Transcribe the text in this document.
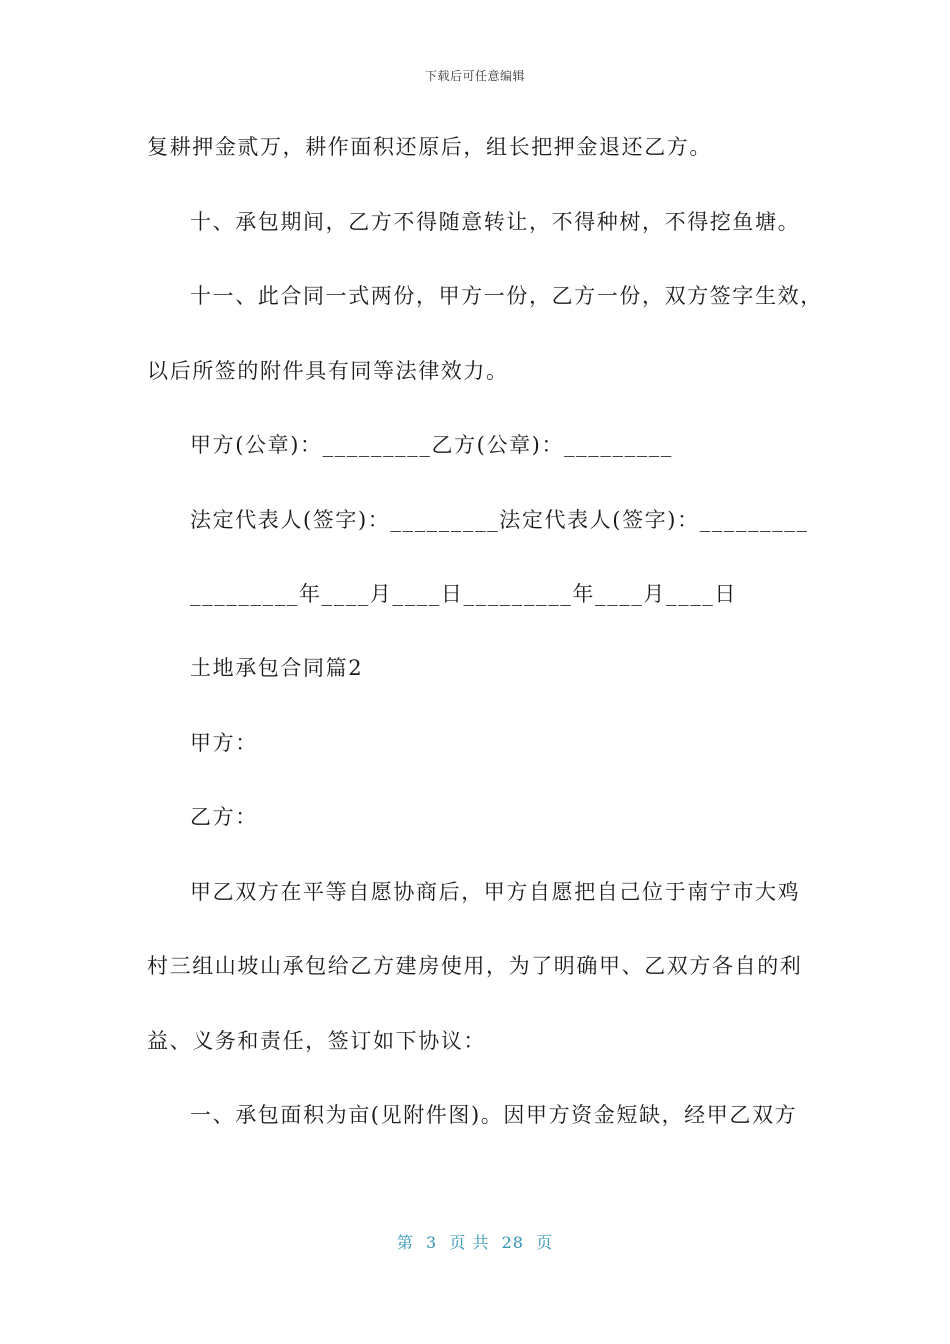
下载后可任意编辑
复耕押金贰万，耕作面积还原后，组长把押金退还乙方。
十、承包期间，乙方不得随意转让，不得种树，不得挖鱼塘。
十一、此合同一式两份，甲方一份，乙方一份，双方签字生效，
以后所签的附件具有同等法律效力。
甲方(公章)：_________乙方(公章)：_________
法定代表人(签字)：_________法定代表人(签字)：_________
_________年____月____日_________年____月____日
土地承包合同篇2
甲方：
乙方：
甲乙双方在平等自愿协商后，甲方自愿把自己位于南宁市大鸡
村三组山坡山承包给乙方建房使用，为了明确甲、乙双方各自的利
益、义务和责任，签订如下协议：
一、承包面积为亩(见附件图)。因甲方资金短缺，经甲乙双方
第  3  页 共  28  页
